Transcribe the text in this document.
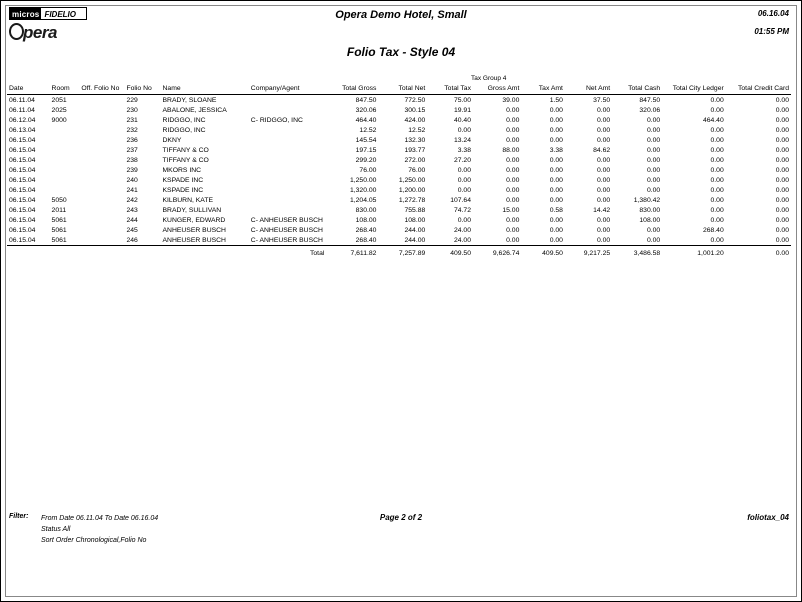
micros FIDELIO
pera
Opera Demo Hotel, Small
Folio Tax - Style 04
06.16.04
01:55 PM
Tax Group 4
Date	Room	Off. Folio No	Folio No	Name	Company/Agent	Total Gross	Total Net	Total Tax	Gross Amt	Tax Amt	Net Amt	Total Cash	Total City Ledger	Total Credit Card
06.11.04	2051		229	BRADY, SLOANE		847.50	772.50	75.00	39.00	1.50	37.50	847.50	0.00	0.00
06.11.04	2025		230	ABALONE, JESSICA		320.06	300.15	19.91	0.00	0.00	0.00	320.06	0.00	0.00
06.12.04	9000		231	RIDGGO, INC	C- RIDGGO, INC	464.40	424.00	40.40	0.00	0.00	0.00	0.00	464.40	0.00
06.13.04			232	RIDGGO, INC		12.52	12.52	0.00	0.00	0.00	0.00	0.00	0.00	0.00
06.15.04			236	DKNY		145.54	132.30	13.24	0.00	0.00	0.00	0.00	0.00	0.00
06.15.04			237	TIFFANY & CO		197.15	193.77	3.38	88.00	3.38	84.62	0.00	0.00	0.00
06.15.04			238	TIFFANY & CO		299.20	272.00	27.20	0.00	0.00	0.00	0.00	0.00	0.00
06.15.04			239	MKORS INC		76.00	76.00	0.00	0.00	0.00	0.00	0.00	0.00	0.00
06.15.04			240	KSPADE INC		1,250.00	1,250.00	0.00	0.00	0.00	0.00	0.00	0.00	0.00
06.15.04			241	KSPADE INC		1,320.00	1,200.00	0.00	0.00	0.00	0.00	0.00	0.00	0.00
06.15.04	5050		242	KILBURN, KATE		1,204.05	1,272.78	107.64	0.00	0.00	0.00	1,380.42	0.00	0.00
06.15.04	2011		243	BRADY, SULLIVAN		830.00	755.88	74.72	15.00	0.58	14.42	830.00	0.00	0.00
06.15.04	5061		244	KUNGER, EDWARD	C- ANHEUSER BUSCH	108.00	108.00	0.00	0.00	0.00	0.00	108.00	0.00	0.00
06.15.04	5061		245	ANHEUSER BUSCH	C- ANHEUSER BUSCH	268.40	244.00	24.00	0.00	0.00	0.00	0.00	268.40	0.00
06.15.04	5061		246	ANHEUSER BUSCH	C- ANHEUSER BUSCH	268.40	244.00	24.00	0.00	0.00	0.00	0.00	0.00	0.00
Total						7,611.82	7,257.89	409.50	9,626.74	409.50	9,217.25	3,486.58	1,001.20	0.00
Filter: From Date 06.11.04 To Date 06.16.04
Status All
Sort Order Chronological,Folio No
Page 2 of 2	foliotax_04
